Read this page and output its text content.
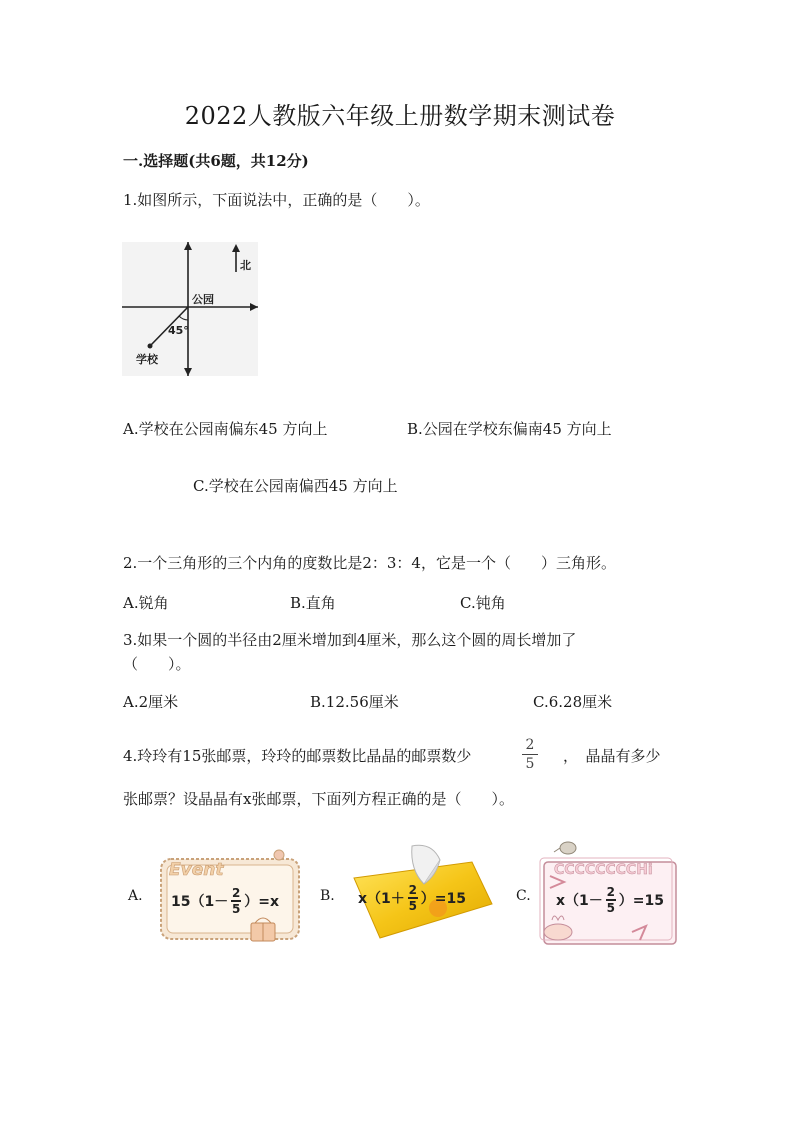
2022人教版六年级上册数学期末测试卷
一.选择题(共6题，共12分)
1.如图所示，下面说法中，正确的是（　　）。
北
公园
45°
学校
A.学校在公园南偏东45 方向上	B.公园在学校东偏南45 方向上
C.学校在公园南偏西45 方向上
2.一个三角形的三个内角的度数比是2：3：4，它是一个（　　）三角形。
A.锐角	B.直角	C.钝角
3.如果一个圆的半径由2厘米增加到4厘米，那么这个圆的周长增加了
（　　）。
A.2厘米	B.12.56厘米	C.6.28厘米
4.玲玲有15张邮票，玲玲的邮票数比晶晶的邮票数少
2
5	，　晶晶有多少
张邮票？设晶晶有x张邮票，下面列方程正确的是（　　）。
A.
Event
15（1－
2
5 ）=x	B. x（1＋
2
5 ）=15	C.
CCCCCCCCHi
x（1－
2
5 ）=15
